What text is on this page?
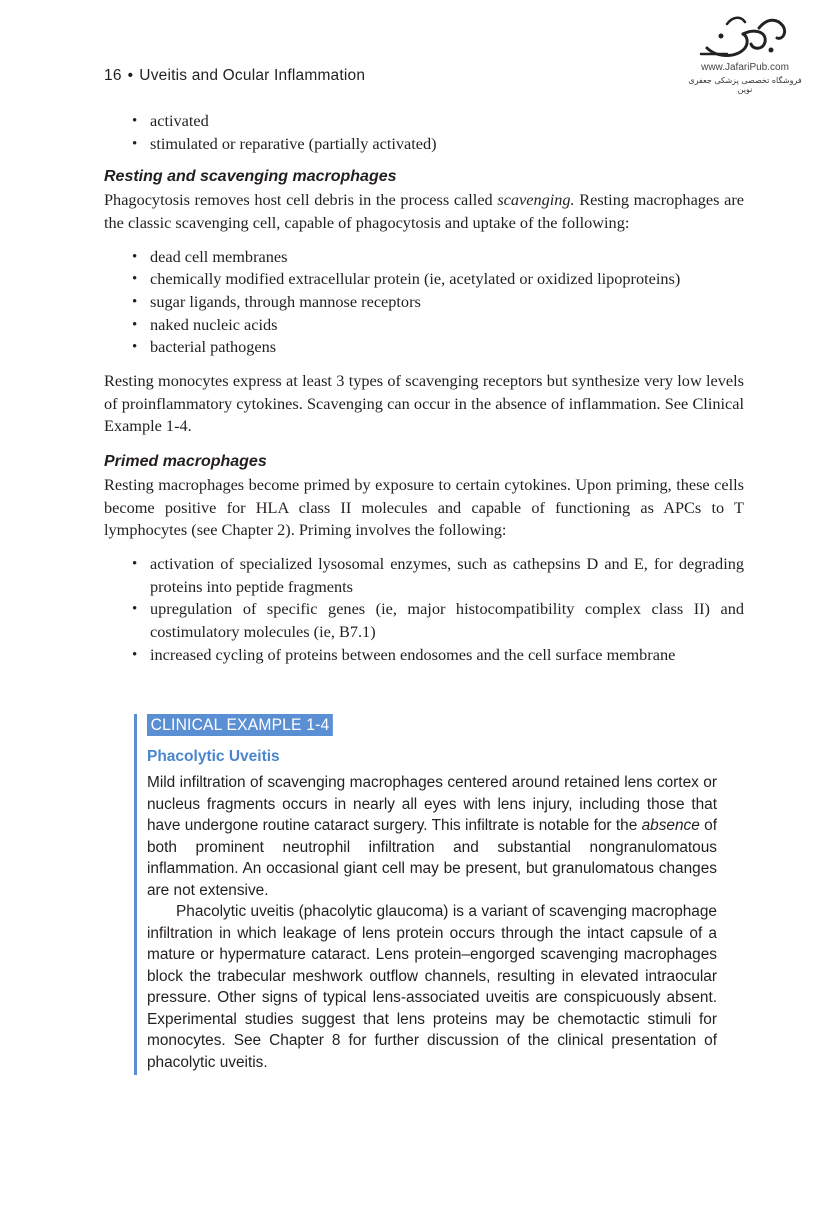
16 • Uveitis and Ocular Inflammation	www.JafariPub.com
فروشگاه تخصصی پزشکی جعفری نوین
• activated
• stimulated or reparative (partially activated)
Resting and scavenging macrophages

Phagocytosis removes host cell debris in the process called scavenging. Resting macrophages are the classic scavenging cell, capable of phagocytosis and uptake of the following:

• dead cell membranes
• chemically modified extracellular protein (ie, acetylated or oxidized lipoproteins)
• sugar ligands, through mannose receptors
• naked nucleic acids
• bacterial pathogens

Resting monocytes express at least 3 types of scavenging receptors but synthesize very low levels of proinflammatory cytokines. Scavenging can occur in the absence of inflammation. See Clinical Example 1-4.

Primed macrophages

Resting macrophages become primed by exposure to certain cytokines. Upon priming, these cells become positive for HLA class II molecules and capable of functioning as APCs to T lymphocytes (see Chapter 2). Priming involves the following:

• activation of specialized lysosomal enzymes, such as cathepsins D and E, for degrading proteins into peptide fragments
• upregulation of specific genes (ie, major histocompatibility complex class II) and costimulatory molecules (ie, B7.1)
• increased cycling of proteins between endosomes and the cell surface membrane
CLINICAL EXAMPLE 1-4
Phacolytic Uveitis

Mild infiltration of scavenging macrophages centered around retained lens cortex or nucleus fragments occurs in nearly all eyes with lens injury, including those that have undergone routine cataract surgery. This infiltrate is notable for the absence of both prominent neutrophil infiltration and substantial nongranulomatous inflammation. An occasional giant cell may be present, but granulomatous changes are not extensive.

Phacolytic uveitis (phacolytic glaucoma) is a variant of scavenging macrophage infiltration in which leakage of lens protein occurs through the intact capsule of a mature or hypermature cataract. Lens protein–engorged scavenging macrophages block the trabecular meshwork outflow channels, resulting in elevated intraocular pressure. Other signs of typical lens-associated uveitis are conspicuously absent. Experimental studies suggest that lens proteins may be chemotactic stimuli for monocytes. See Chapter 8 for further discussion of the clinical presentation of phacolytic uveitis.
